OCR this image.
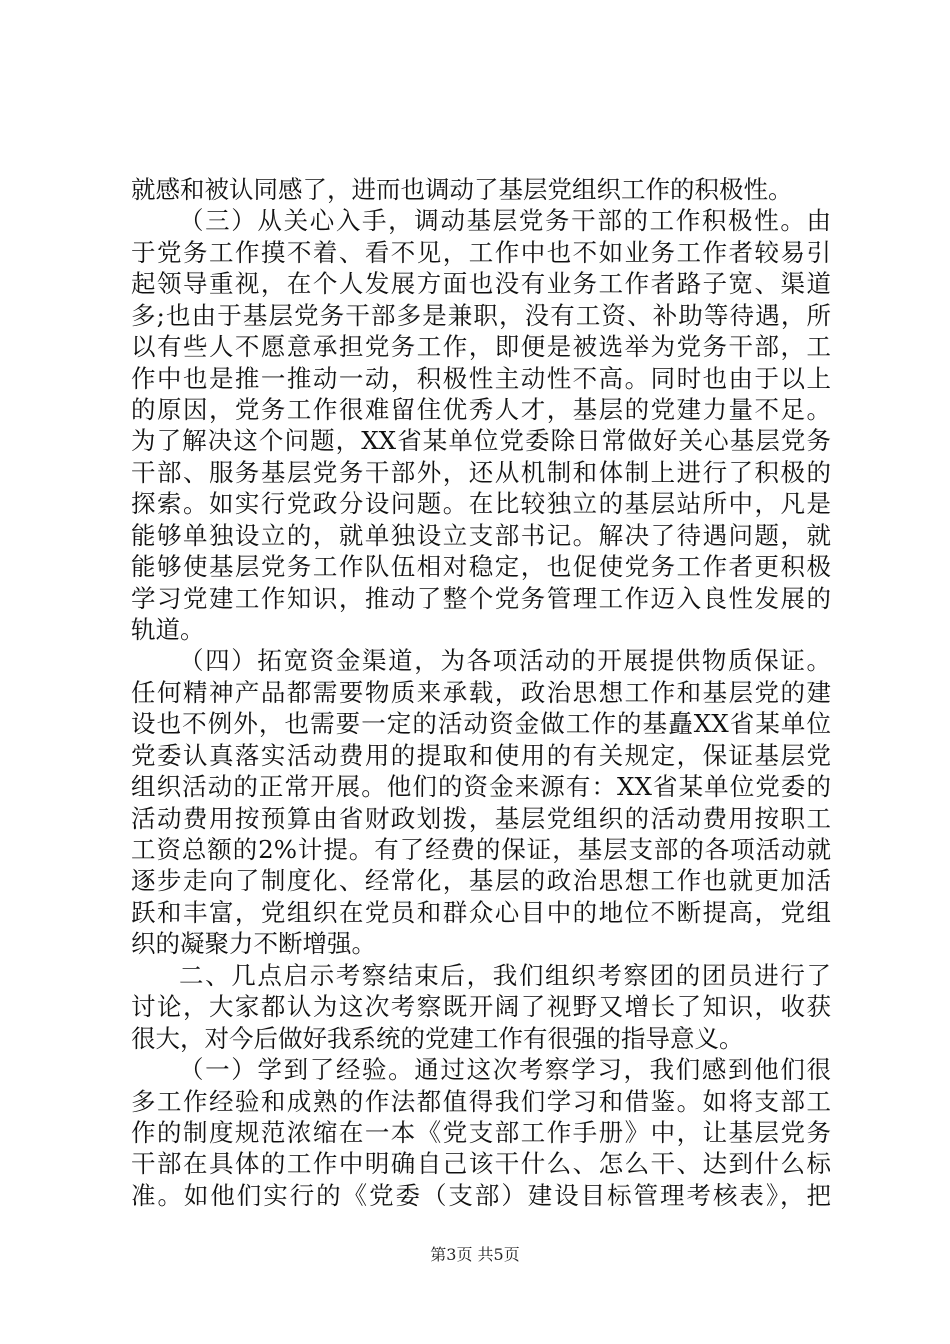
就感和被认同感了，进而也调动了基层党组织工作的积极性。
（三）从关心入手，调动基层党务干部的工作积极性。由
于党务工作摸不着、看不见，工作中也不如业务工作者较易引
起领导重视，在个人发展方面也没有业务工作者路子宽、渠道
多;也由于基层党务干部多是兼职，没有工资、补助等待遇，所
以有些人不愿意承担党务工作，即便是被选举为党务干部，工
作中也是推一推动一动，积极性主动性不高。同时也由于以上
的原因，党务工作很难留住优秀人才，基层的党建力量不足。
为了解决这个问题，XX省某单位党委除日常做好关心基层党务
干部、服务基层党务干部外，还从机制和体制上进行了积极的
探索。如实行党政分设问题。在比较独立的基层站所中，凡是
能够单独设立的，就单独设立支部书记。解决了待遇问题，就
能够使基层党务工作队伍相对稳定，也促使党务工作者更积极
学习党建工作知识，推动了整个党务管理工作迈入良性发展的
轨道。
（四）拓宽资金渠道，为各项活动的开展提供物质保证。
任何精神产品都需要物质来承载，政治思想工作和基层党的建
设也不例外，也需要一定的活动资金做工作的基矗XX省某单位
党委认真落实活动费用的提取和使用的有关规定，保证基层党
组织活动的正常开展。他们的资金来源有：XX省某单位党委的
活动费用按预算由省财政划拨，基层党组织的活动费用按职工
工资总额的2%计提。有了经费的保证，基层支部的各项活动就
逐步走向了制度化、经常化，基层的政治思想工作也就更加活
跃和丰富，党组织在党员和群众心目中的地位不断提高，党组
织的凝聚力不断增强。
二、几点启示考察结束后，我们组织考察团的团员进行了
讨论，大家都认为这次考察既开阔了视野又增长了知识，收获
很大，对今后做好我系统的党建工作有很强的指导意义。
（一）学到了经验。通过这次考察学习，我们感到他们很
多工作经验和成熟的作法都值得我们学习和借鉴。如将支部工
作的制度规范浓缩在一本《党支部工作手册》中，让基层党务
干部在具体的工作中明确自己该干什么、怎么干、达到什么标
准。如他们实行的《党委（支部）建设目标管理考核表》，把
第3页 共5页
